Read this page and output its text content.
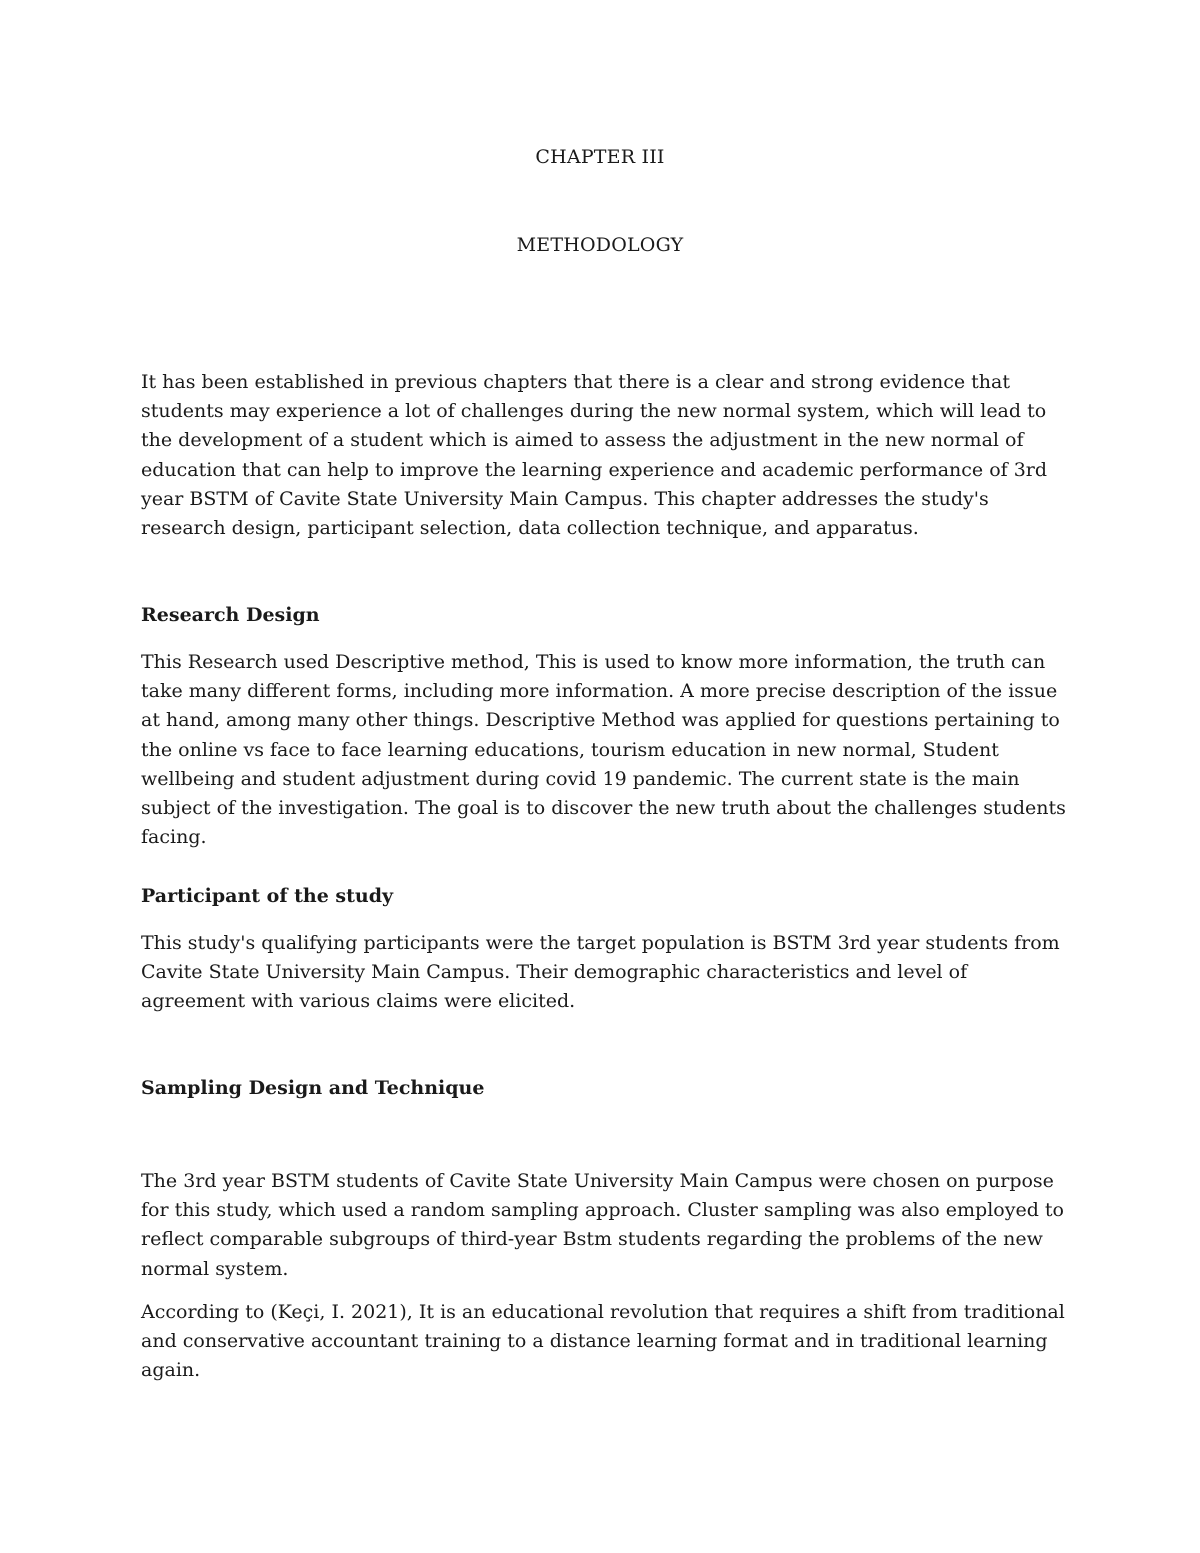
CHAPTER III
METHODOLOGY

It has been established in previous chapters that there is a clear and strong evidence that students may experience a lot of challenges during the new normal system, which will lead to the development of a student which is aimed to assess the adjustment in the new normal of education that can help to improve the learning experience and academic performance of 3rd year BSTM of Cavite State University Main Campus. This chapter addresses the study's research design, participant selection, data collection technique, and apparatus.

Research Design

This Research used Descriptive method, This is used to know more information, the truth can take many different forms, including more information. A more precise description of the issue at hand, among many other things. Descriptive Method was applied for questions pertaining to the online vs face to face learning educations, tourism education in new normal, Student wellbeing and student adjustment during covid 19 pandemic. The current state is the main subject of the investigation. The goal is to discover the new truth about the challenges students facing.

Participant of the study

This study's qualifying participants were the target population is BSTM 3rd year students from Cavite State University Main Campus. Their demographic characteristics and level of agreement with various claims were elicited.

Sampling Design and Technique

The 3rd year BSTM students of Cavite State University Main Campus were chosen on purpose for this study, which used a random sampling approach. Cluster sampling was also employed to reflect comparable subgroups of third-year Bstm students regarding the problems of the new normal system.

According to (Keçi, I. 2021), It is an educational revolution that requires a shift from traditional and conservative accountant training to a distance learning format and in traditional learning again.
